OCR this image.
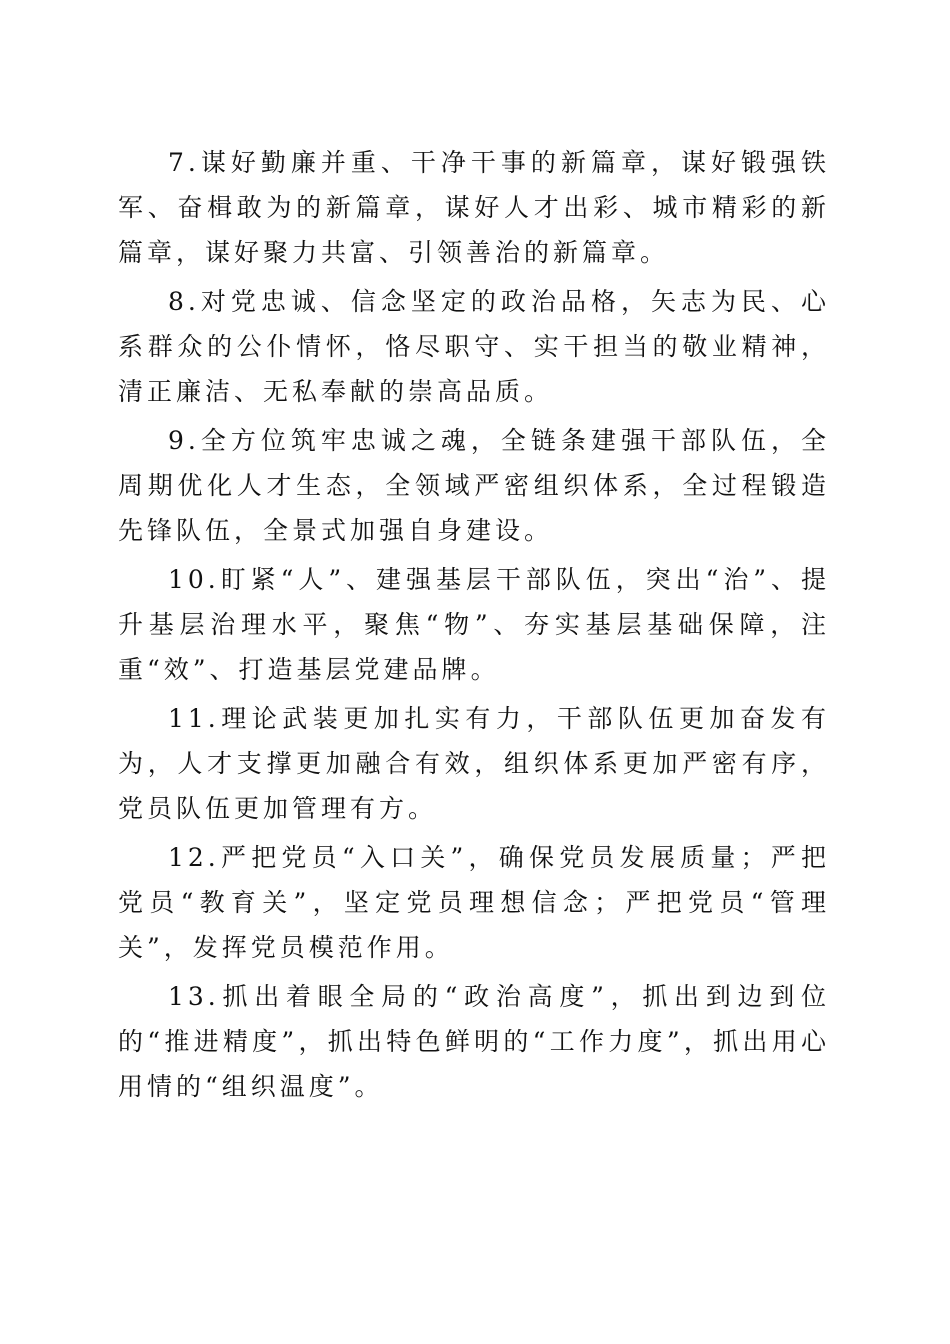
7.谋好勤廉并重、干净干事的新篇章，谋好锻强铁军、奋楫敢为的新篇章，谋好人才出彩、城市精彩的新篇章，谋好聚力共富、引领善治的新篇章。

8.对党忠诚、信念坚定的政治品格，矢志为民、心系群众的公仆情怀，恪尽职守、实干担当的敬业精神，清正廉洁、无私奉献的崇高品质。

9.全方位筑牢忠诚之魂，全链条建强干部队伍，全周期优化人才生态，全领域严密组织体系，全过程锻造先锋队伍，全景式加强自身建设。

10.盯紧“人”、建强基层干部队伍，突出“治”、提升基层治理水平，聚焦“物”、夯实基层基础保障，注重“效”、打造基层党建品牌。

11.理论武装更加扎实有力，干部队伍更加奋发有为，人才支撑更加融合有效，组织体系更加严密有序，党员队伍更加管理有方。

12.严把党员“入口关”，确保党员发展质量；严把党员“教育关”，坚定党员理想信念；严把党员“管理关”，发挥党员模范作用。

13.抓出着眼全局的“政治高度”，抓出到边到位的“推进精度”，抓出特色鲜明的“工作力度”，抓出用心用情的“组织温度”。
